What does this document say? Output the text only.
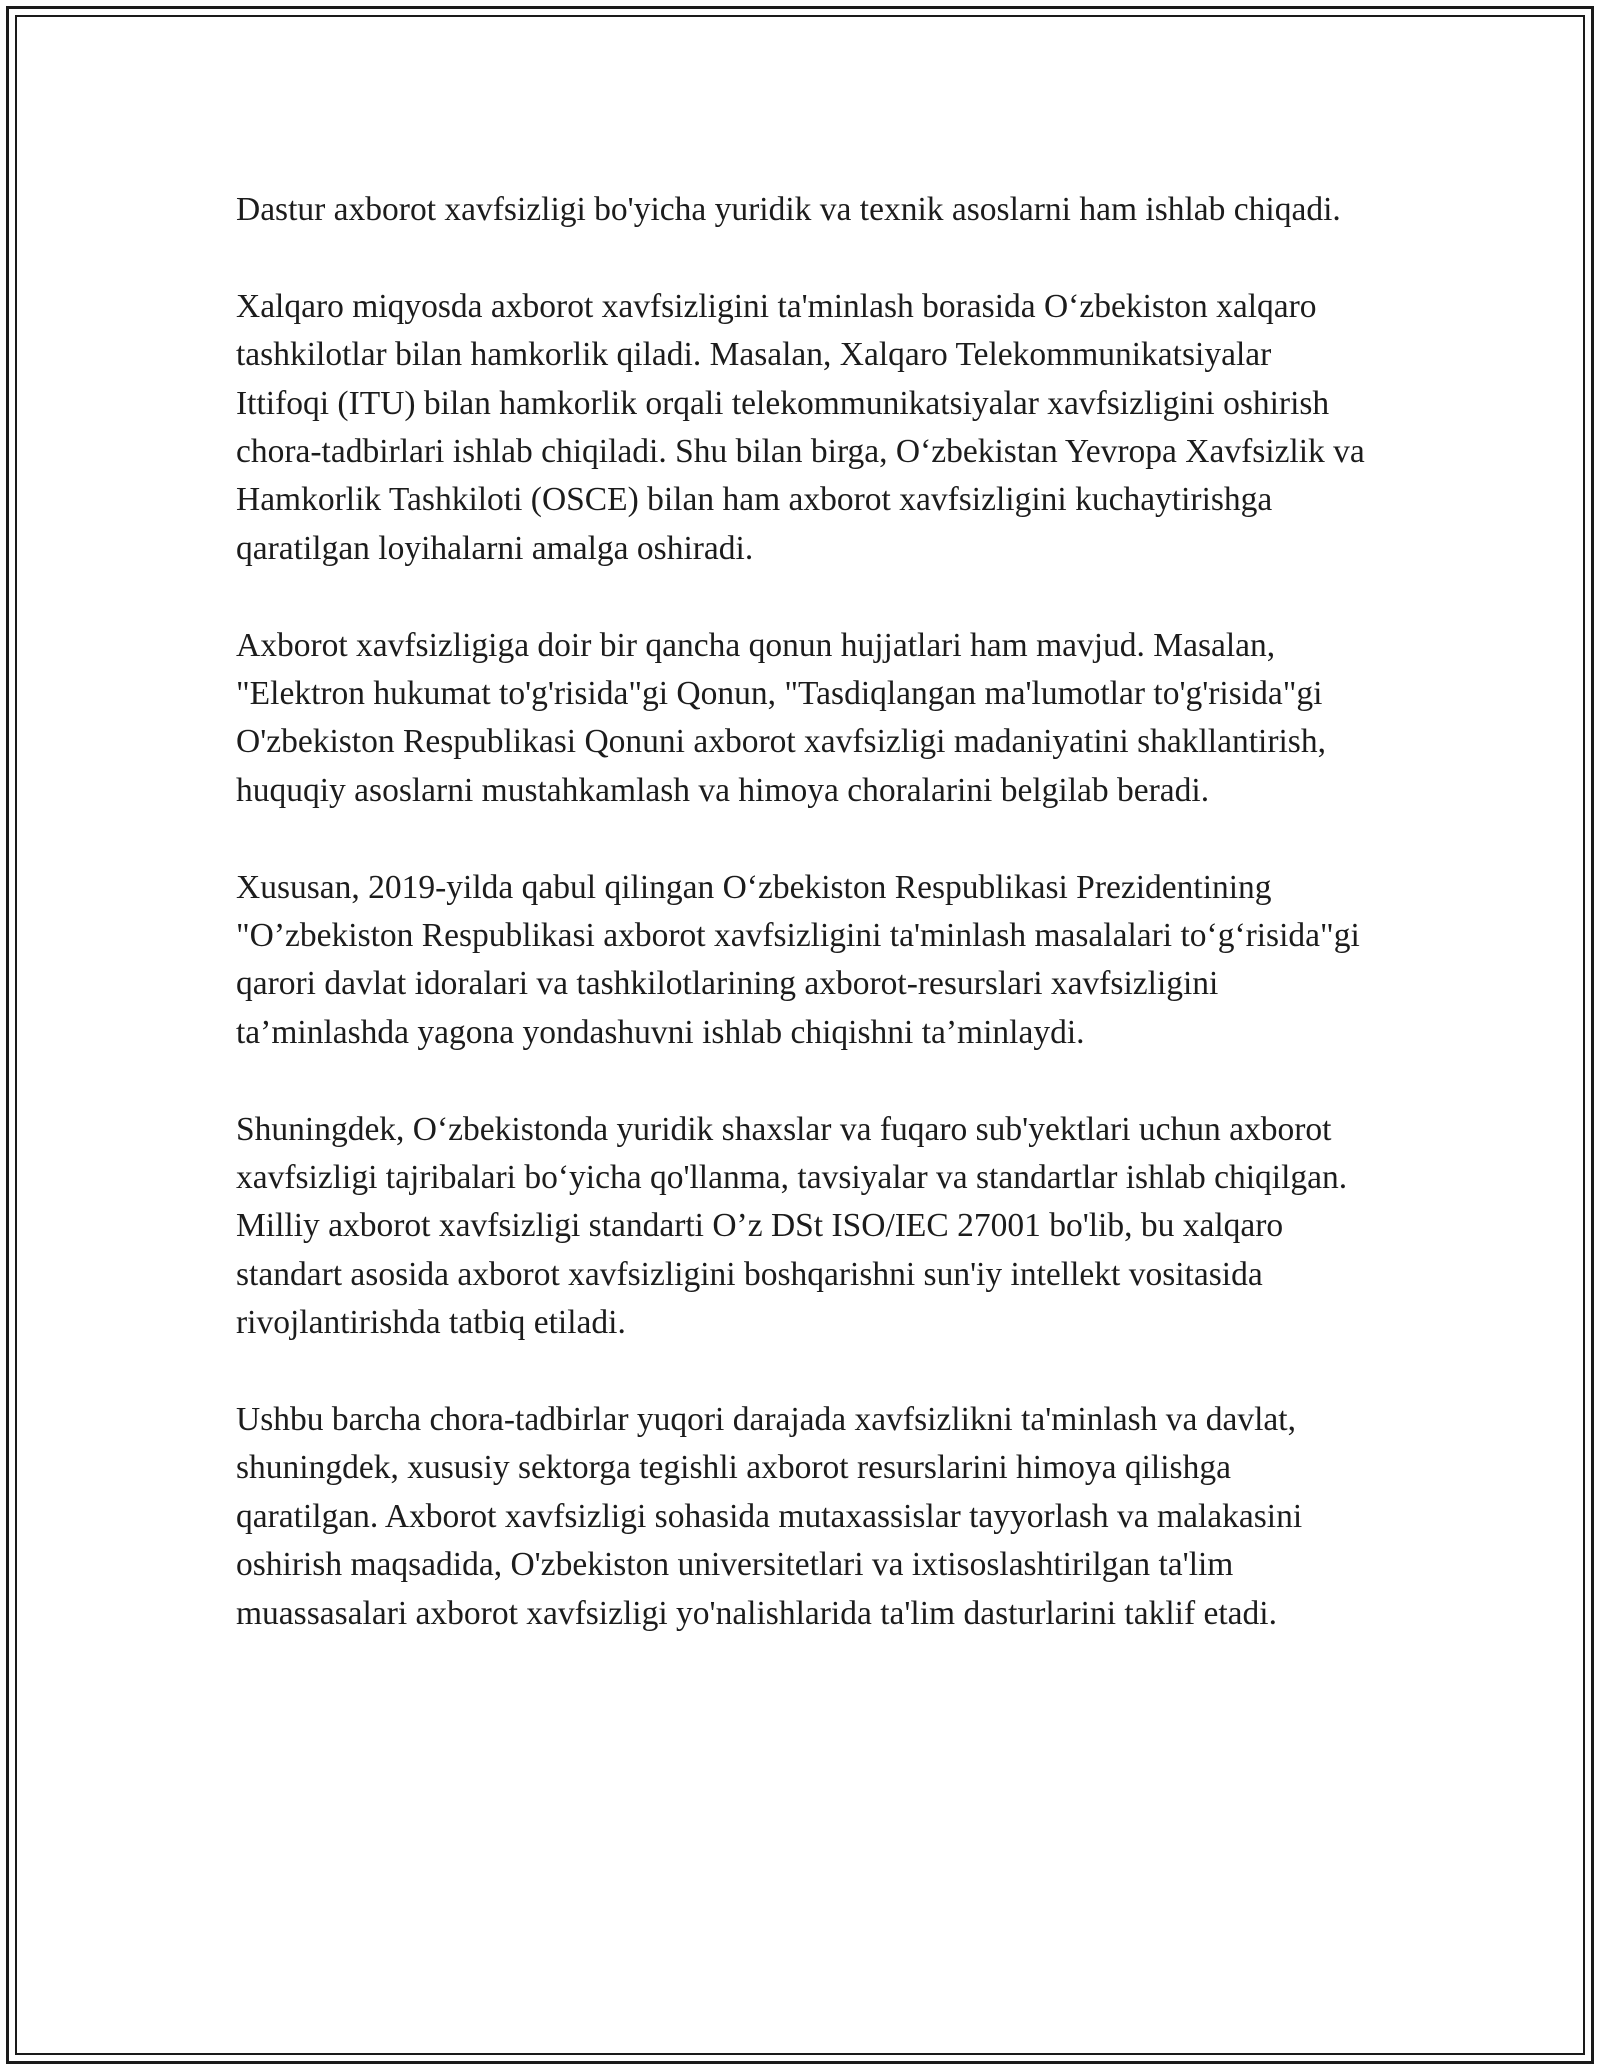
Dastur axborot xavfsizligi bo'yicha yuridik va texnik asoslarni ham ishlab chiqadi.

Xalqaro miqyosda axborot xavfsizligini ta'minlash borasida O‘zbekiston xalqaro tashkilotlar bilan hamkorlik qiladi. Masalan, Xalqaro Telekommunikatsiyalar Ittifoqi (ITU) bilan hamkorlik orqali telekommunikatsiyalar xavfsizligini oshirish chora-tadbirlari ishlab chiqiladi. Shu bilan birga, O‘zbekistan Yevropa Xavfsizlik va Hamkorlik Tashkiloti (OSCE) bilan ham axborot xavfsizligini kuchaytirishga qaratilgan loyihalarni amalga oshiradi.

Axborot xavfsizligiga doir bir qancha qonun hujjatlari ham mavjud. Masalan, "Elektron hukumat to'g'risida"gi Qonun, "Tasdiqlangan ma'lumotlar to'g'risida"gi O'zbekiston Respublikasi Qonuni axborot xavfsizligi madaniyatini shakllantirish, huquqiy asoslarni mustahkamlash va himoya choralarini belgilab beradi.

Xususan, 2019-yilda qabul qilingan O‘zbekiston Respublikasi Prezidentining "O’zbekiston Respublikasi axborot xavfsizligini ta'minlash masalalari to‘g‘risida"gi qarori davlat idoralari va tashkilotlarining axborot-resurslari xavfsizligini ta’minlashda yagona yondashuvni ishlab chiqishni ta’minlaydi.

Shuningdek, O‘zbekistonda yuridik shaxslar va fuqaro sub'yektlari uchun axborot xavfsizligi tajribalari bo‘yicha qo'llanma, tavsiyalar va standartlar ishlab chiqilgan. Milliy axborot xavfsizligi standarti O’z DSt ISO/IEC 27001 bo'lib, bu xalqaro standart asosida axborot xavfsizligini boshqarishni sun'iy intellekt vositasida rivojlantirishda tatbiq etiladi.

Ushbu barcha chora-tadbirlar yuqori darajada xavfsizlikni ta'minlash va davlat, shuningdek, xususiy sektorga tegishli axborot resurslarini himoya qilishga qaratilgan. Axborot xavfsizligi sohasida mutaxassislar tayyorlash va malakasini oshirish maqsadida, O'zbekiston universitetlari va ixtisoslashtirilgan ta'lim muassasalari axborot xavfsizligi yo'nalishlarida ta'lim dasturlarini taklif etadi.
